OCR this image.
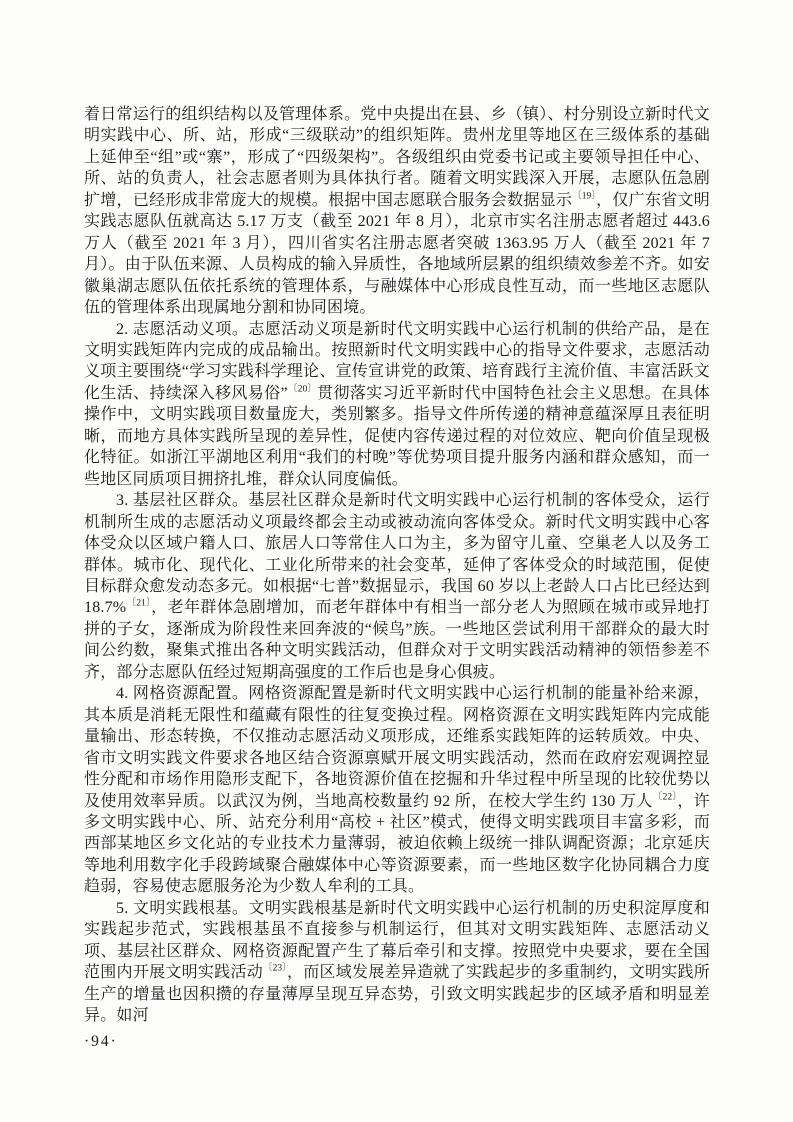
着日常运行的组织结构以及管理体系。党中央提出在县、乡（镇）、村分别设立新时代文明实践中心、所、站，形成“三级联动”的组织矩阵。贵州龙里等地区在三级体系的基础上延伸至“组”或“寨”，形成了“四级架构”。各级组织由党委书记或主要领导担任中心、所、站的负责人，社会志愿者则为具体执行者。随着文明实践深入开展，志愿队伍急剧扩增，已经形成非常庞大的规模。根据中国志愿联合服务会数据显示$^{〔19〕}$，仅广东省文明实践志愿队伍就高达 5.17 万支（截至 2021 年 8 月），北京市实名注册志愿者超过 443.6 万人（截至 2021 年 3 月），四川省实名注册志愿者突破 1363.95 万人（截至 2021 年 7 月）。由于队伍来源、人员构成的输入异质性，各地域所层累的组织绩效参差不齐。如安徽巢湖志愿队伍依托系统的管理体系，与融媒体中心形成良性互动，而一些地区志愿队伍的管理体系出现属地分割和协同困境。

2. 志愿活动义项。志愿活动义项是新时代文明实践中心运行机制的供给产品，是在文明实践矩阵内完成的成品输出。按照新时代文明实践中心的指导文件要求，志愿活动义项主要围绕“学习实践科学理论、宣传宣讲党的政策、培育践行主流价值、丰富活跃文化生活、持续深入移风易俗”$^{〔20〕}$贯彻落实习近平新时代中国特色社会主义思想。在具体操作中，文明实践项目数量庞大，类别繁多。指导文件所传递的精神意蕴深厚且表征明晰，而地方具体实践所呈现的差异性，促使内容传递过程的对位效应、靶向价值呈现极化特征。如浙江平湖地区利用“我们的村晚”等优势项目提升服务内涵和群众感知，而一些地区同质项目拥挤扎堆，群众认同度偏低。

3. 基层社区群众。基层社区群众是新时代文明实践中心运行机制的客体受众，运行机制所生成的志愿活动义项最终都会主动或被动流向客体受众。新时代文明实践中心客体受众以区域户籍人口、旅居人口等常住人口为主，多为留守儿童、空巢老人以及务工群体。城市化、现代化、工业化所带来的社会变革，延伸了客体受众的时域范围，促使目标群众愈发动态多元。如根据“七普”数据显示，我国 60 岁以上老龄人口占比已经达到 18.7%$^{〔21〕}$，老年群体急剧增加，而老年群体中有相当一部分老人为照顾在城市或异地打拼的子女，逐渐成为阶段性来回奔波的“候鸟”族。一些地区尝试利用干部群众的最大时间公约数，聚集式推出各种文明实践活动，但群众对于文明实践活动精神的领悟参差不齐，部分志愿队伍经过短期高强度的工作后也是身心俱疲。

4. 网格资源配置。网格资源配置是新时代文明实践中心运行机制的能量补给来源，其本质是消耗无限性和蕴藏有限性的往复变换过程。网格资源在文明实践矩阵内完成能量输出、形态转换，不仅推动志愿活动义项形成，还维系实践矩阵的运转质效。中央、省市文明实践文件要求各地区结合资源禀赋开展文明实践活动，然而在政府宏观调控显性分配和市场作用隐形支配下，各地资源价值在挖掘和升华过程中所呈现的比较优势以及使用效率异质。以武汉为例，当地高校数量约 92 所，在校大学生约 130 万人$^{〔22〕}$，许多文明实践中心、所、站充分利用“高校 + 社区”模式，使得文明实践项目丰富多彩，而西部某地区乡文化站的专业技术力量薄弱，被迫依赖上级统一排队调配资源；北京延庆等地利用数字化手段跨域聚合融媒体中心等资源要素，而一些地区数字化协同耦合力度趋弱，容易使志愿服务沦为少数人牟利的工具。

5. 文明实践根基。文明实践根基是新时代文明实践中心运行机制的历史积淀厚度和实践起步范式，实践根基虽不直接参与机制运行，但其对文明实践矩阵、志愿活动义项、基层社区群众、网格资源配置产生了幕后牵引和支撑。按照党中央要求，要在全国范围内开展文明实践活动$^{〔23〕}$，而区域发展差异造就了实践起步的多重制约，文明实践所生产的增量也因积攒的存量薄厚呈现互异态势，引致文明实践起步的区域矛盾和明显差异。如河

·94·
